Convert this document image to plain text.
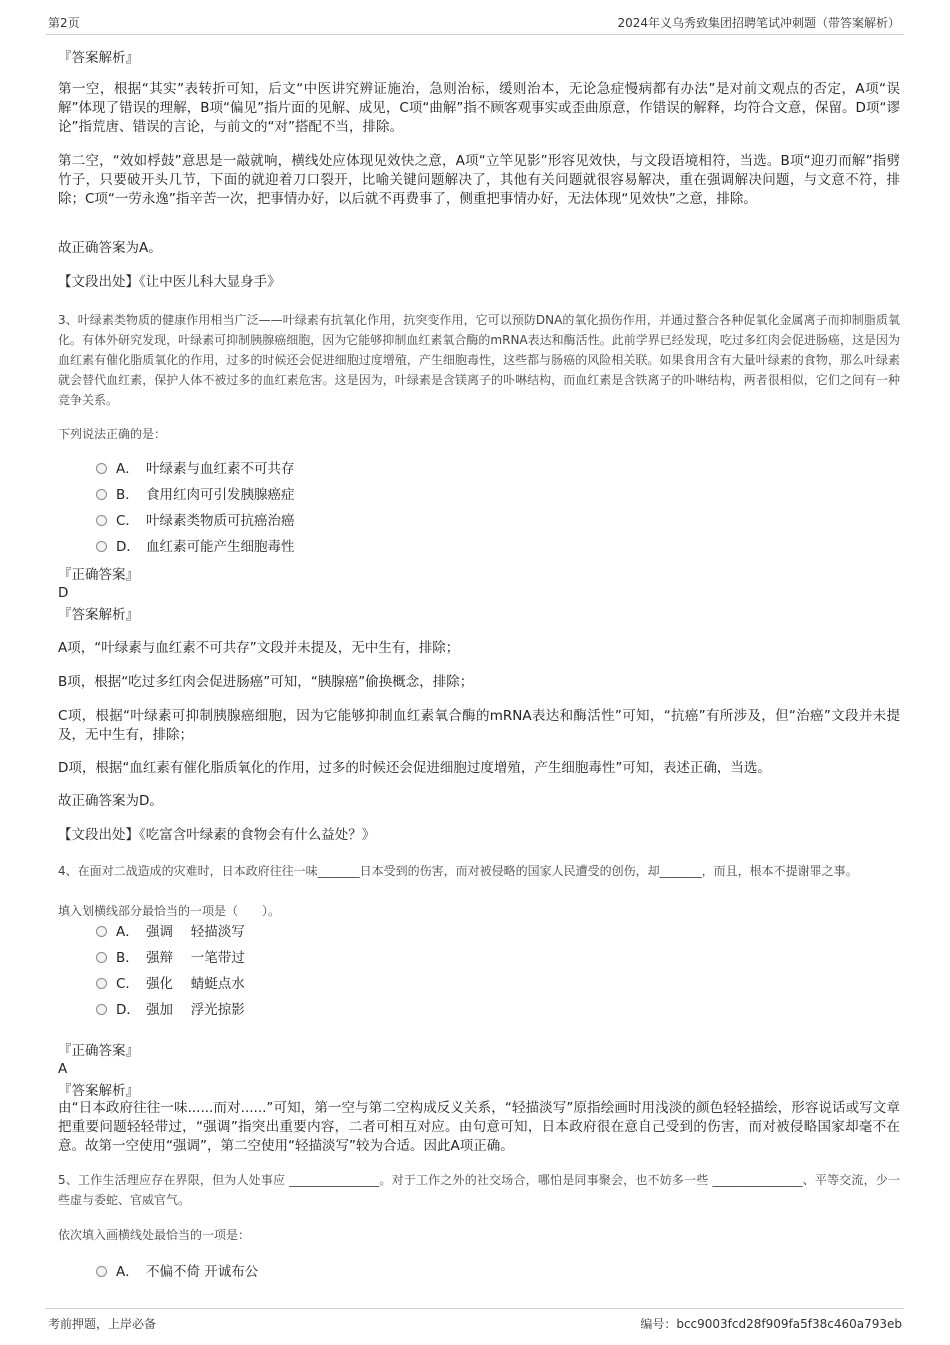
第2页	2024年义乌秀致集团招聘笔试冲刺题（带答案解析）
『答案解析』
第一空，根据“其实”表转折可知，后文“中医讲究辨证施治，急则治标，缓则治本，无论急症慢病都有办法”是对前文观点的否定，A项“误解”体现了错误的理解，B项“偏见”指片面的见解、成见，C项“曲解”指不顾客观事实或歪曲原意，作错误的解释，均符合文意，保留。D项“谬论”指荒唐、错误的言论，与前文的“对”搭配不当，排除。
第二空，“效如桴鼓”意思是一敲就响，横线处应体现见效快之意，A项“立竿见影”形容见效快，与文段语境相符，当选。B项“迎刃而解”指劈竹子，只要破开头几节，下面的就迎着刀口裂开，比喻关键问题解决了，其他有关问题就很容易解决，重在强调解决问题，与文意不符，排除；C项“一劳永逸”指辛苦一次，把事情办好，以后就不再费事了，侧重把事情办好，无法体现“见效快”之意，排除。
故正确答案为A。
【文段出处】《让中医儿科大显身手》
3、叶绿素类物质的健康作用相当广泛——叶绿素有抗氧化作用，抗突变作用，它可以预防DNA的氧化损伤作用，并通过螯合各种促氧化金属离子而抑制脂质氧化。有体外研究发现，叶绿素可抑制胰腺癌细胞，因为它能够抑制血红素氧合酶的mRNA表达和酶活性。此前学界已经发现，吃过多红肉会促进肠癌，这是因为血红素有催化脂质氧化的作用，过多的时候还会促进细胞过度增殖，产生细胞毒性，这些都与肠癌的风险相关联。如果食用含有大量叶绿素的食物，那么叶绿素就会替代血红素，保护人体不被过多的血红素危害。这是因为，叶绿素是含镁离子的卟啉结构，而血红素是含铁离子的卟啉结构，两者很相似，它们之间有一种竞争关系。
下列说法正确的是：
A． 叶绿素与血红素不可共存
B． 食用红肉可引发胰腺癌症
C． 叶绿素类物质可抗癌治癌
D． 血红素可能产生细胞毒性
『正确答案』
D
『答案解析』
A项，“叶绿素与血红素不可共存”文段并未提及，无中生有，排除；
B项，根据“吃过多红肉会促进肠癌”可知，“胰腺癌”偷换概念，排除；
C项，根据“叶绿素可抑制胰腺癌细胞，因为它能够抑制血红素氧合酶的mRNA表达和酶活性”可知，“抗癌”有所涉及，但“治癌”文段并未提及，无中生有，排除；
D项，根据“血红素有催化脂质氧化的作用，过多的时候还会促进细胞过度增殖，产生细胞毒性”可知，表述正确，当选。
故正确答案为D。
【文段出处】《吃富含叶绿素的食物会有什么益处？》
4、在面对二战造成的灾难时，日本政府往往一味_______日本受到的伤害，而对被侵略的国家人民遭受的创伤，却_______，而且，根本不提谢罪之事。
填入划横线部分最恰当的一项是（　　）。
A． 强调　 轻描淡写
B． 强辩　 一笔带过
C． 强化　 蜻蜓点水
D． 强加　 浮光掠影
『正确答案』
A
『答案解析』
由“日本政府往往一味......而对......”可知，第一空与第二空构成反义关系，“轻描淡写”原指绘画时用浅淡的颜色轻轻描绘，形容说话或写文章把重要问题轻轻带过，“强调”指突出重要内容，二者可相互对应。由句意可知，日本政府很在意自己受到的伤害，而对被侵略国家却毫不在意。故第一空使用“强调”，第二空使用“轻描淡写”较为合适。因此A项正确。
5、工作生活理应存在界限，但为人处事应 _______________。对于工作之外的社交场合，哪怕是同事聚会，也不妨多一些 _______________、平等交流，少一些虚与委蛇、官威官气。
依次填入画横线处最恰当的一项是：
A． 不偏不倚 开诚布公
考前押题，上岸必备	编号：bcc9003fcd28f909fa5f38c460a793eb
